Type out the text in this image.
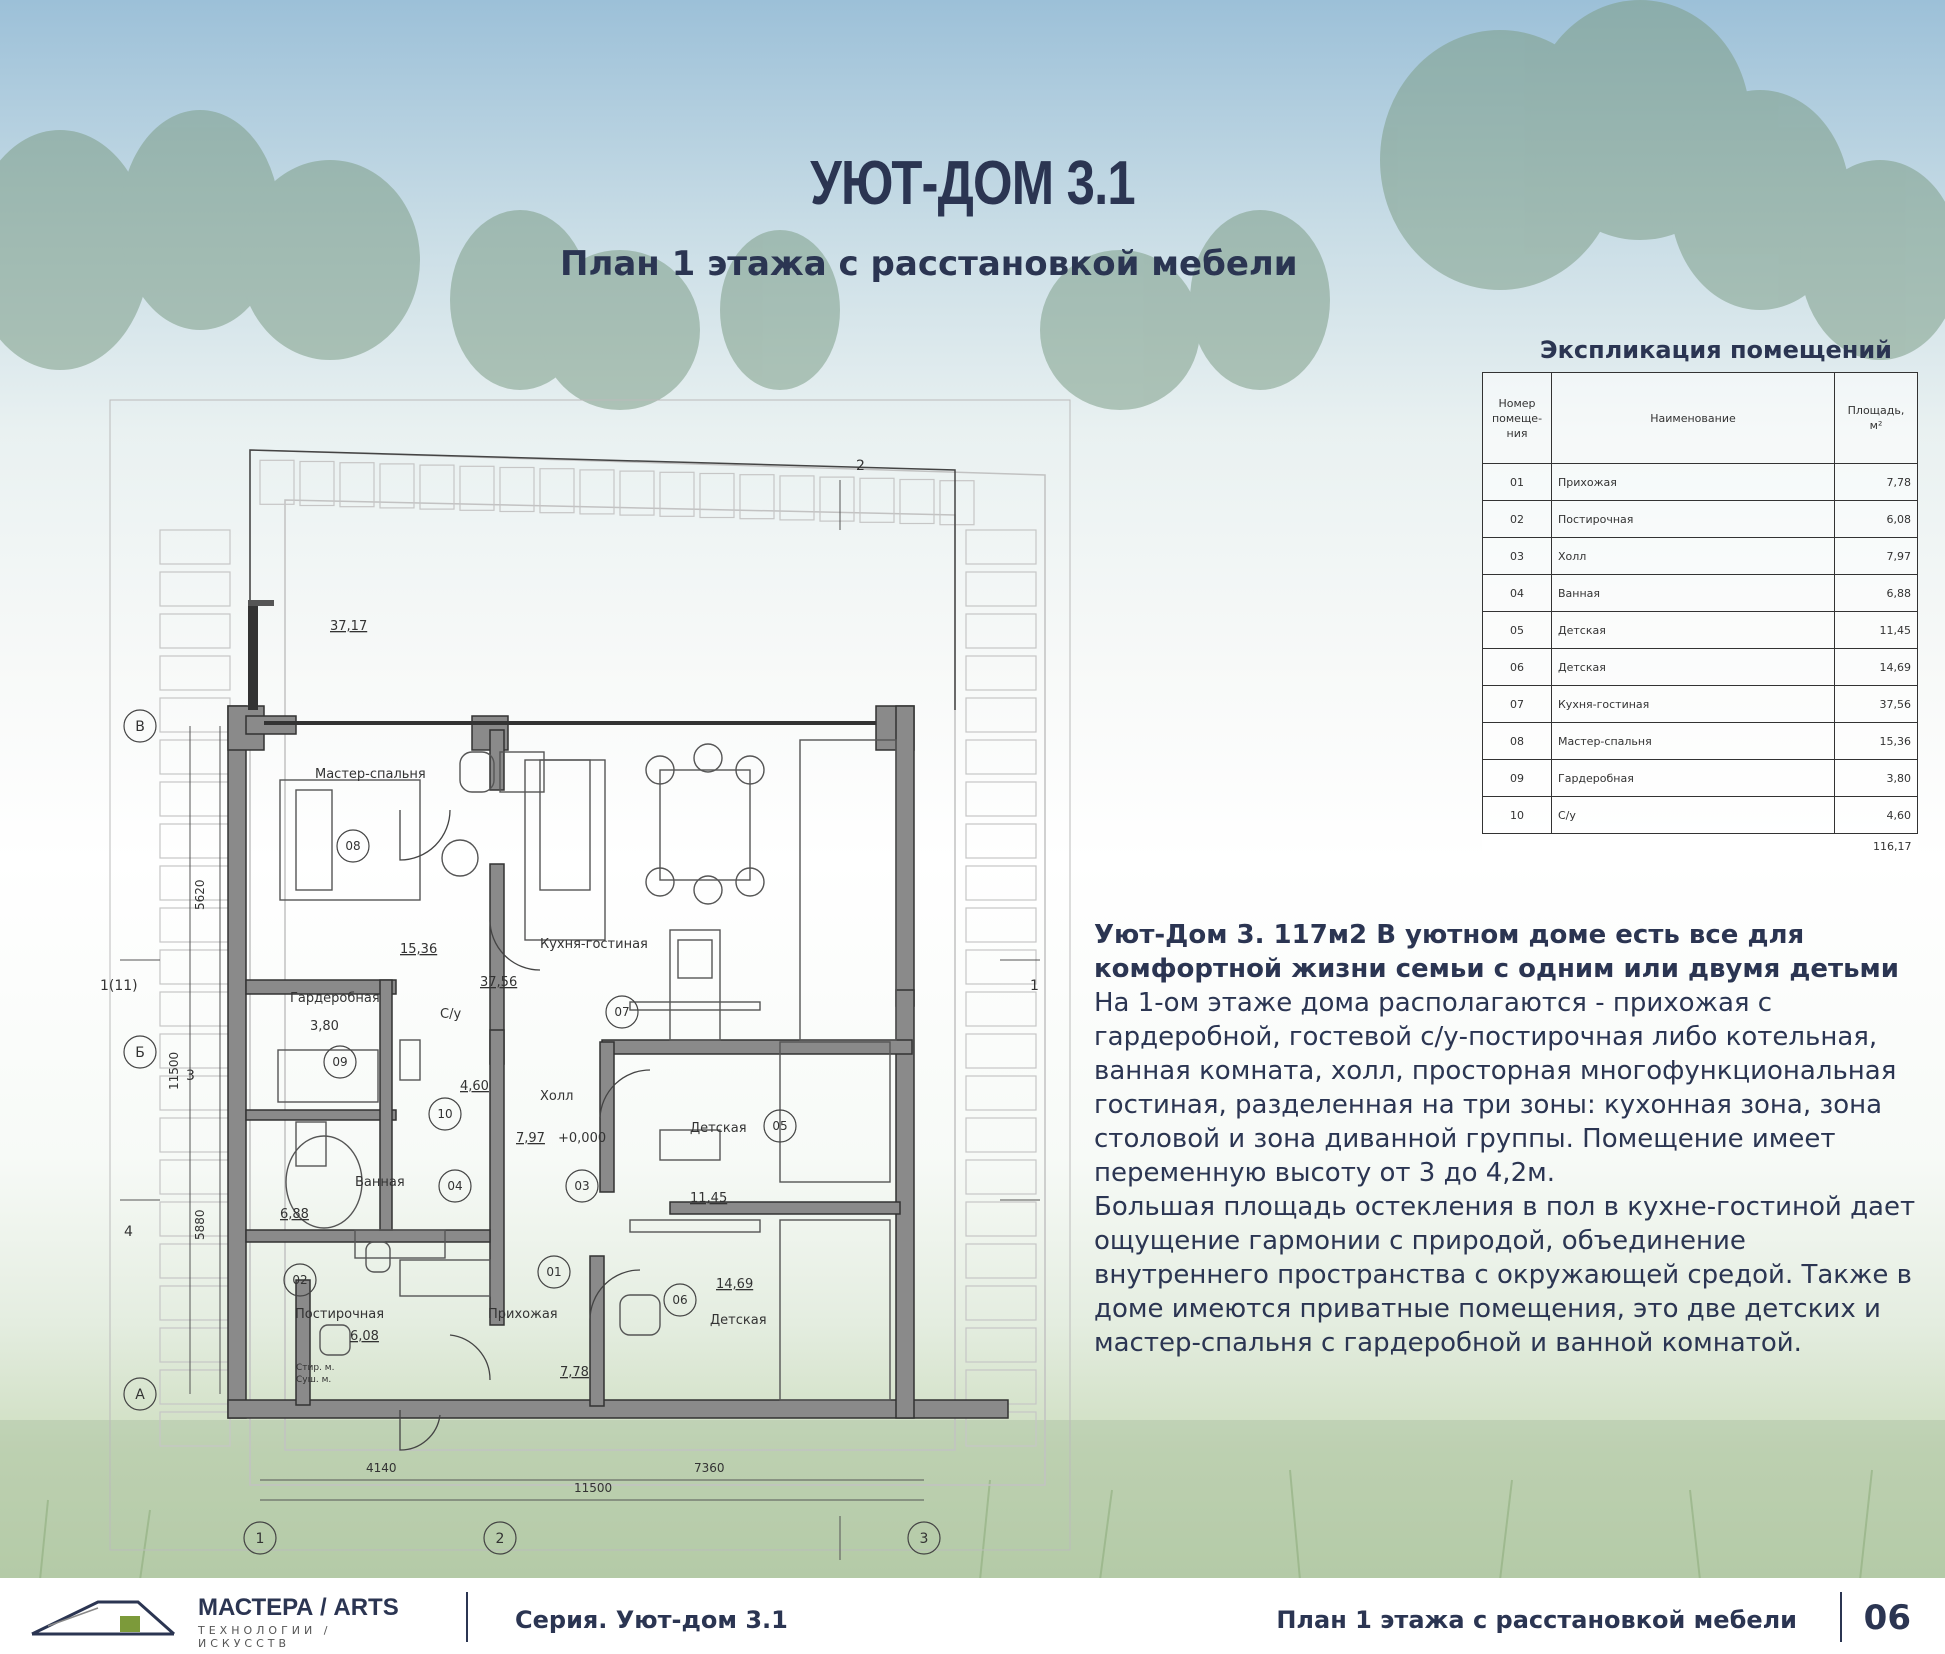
УЮТ-ДОМ 3.1
План 1 этажа с расстановкой мебели
Экспликация помещений
Номер помеще-ния	Наименование	Площадь, м²
01	Прихожая	7,78
02	Постирочная	6,08
03	Холл	7,97
04	Ванная	6,88
05	Детская	11,45
06	Детская	14,69
07	Кухня-гостиная	37,56
08	Мастер-спальня	15,36
09	Гардеробная	3,80
10	С/у	4,60
		116,17
Мастер-спальня
15,36	Кухня-гостиная
37,56
Гардеробная
3,80
С/у
4,60
Холл
7,97 +0,000
Ванная
6,88
Детская
11,45
Постирочная
6,08
Стир. м.
Суш. м.
Прихожая
7,78
Детская
14,69
37,17
08
07
09
10
03
04
05
02
01
06
В
Б
А
1	2	3
5620
11500
5880
4140	7360
11500
2
1
4
1(11)
3

Уют-Дом 3. 117м2 В уютном доме есть все для комфортной жизни семьи с одним или двумя детьми

На 1-ом этаже дома располагаются - прихожая с гардеробной, гостевой с/у-постирочная либо котельная, ванная комната, холл, просторная многофункциональная гостиная, разделенная на три зоны: кухонная зона, зона столовой и зона диванной группы. Помещение имеет переменную высоту от 3 до 4,2м.

Большая площадь остекления в пол в кухне-гостиной дает ощущение гармонии с природой, объединение внутреннего пространства с окружающей средой. Также в доме имеются приватные помещения, это две детских и мастер-спальня с гардеробной и ванной комнатой.

МАСТЕРА / ARTS
ТЕХНОЛОГИИ / ИСКУССТВ
Серия. Уют-дом 3.1	План 1 этажа с расстановкой мебели 06
